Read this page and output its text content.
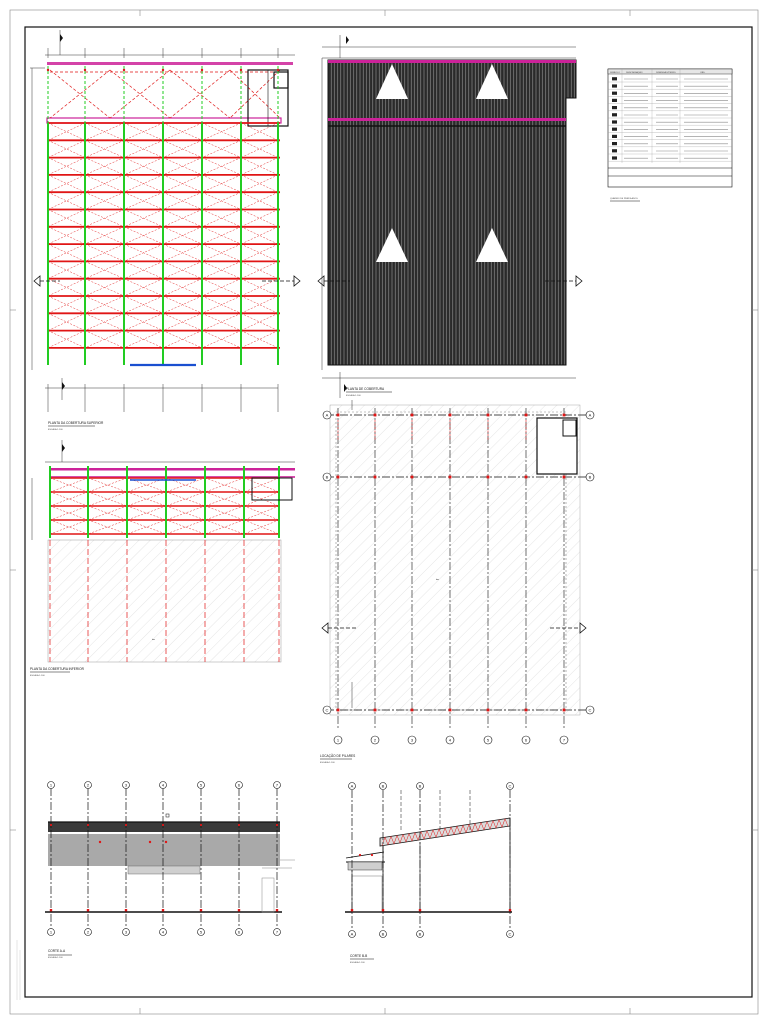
PLANTA DA COBERTURA SUPERIOR
ESCALA 1:100
PLANTA DE COBERTURA
ESCALA 1:100
SÍMBOLO	DENOMINAÇÃO	DIMENSÃO/PERFIL	OBS.
QUADRO DE PERFILADOS
⟵
PLANTA DA COBERTURA INFERIOR
ESCALA 1:100
1	2	3	4	5	6	7
A	A
B	B
C	C
⟵
LOCAÇÃO DE PILARES
ESCALA 1:100
1
1
2
2
3
3
4
4
5
5
6
6
7
7
CORTE A-A
ESCALA 1:100
A
A
B
B
B
B
C
C
CORTE B-B
ESCALA 1:100
